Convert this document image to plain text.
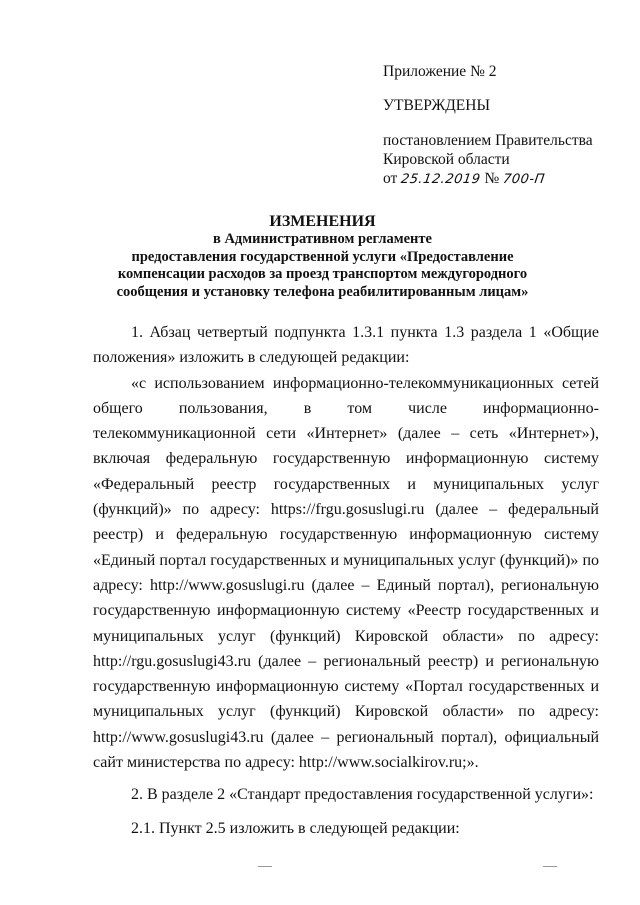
Приложение № 2
УТВЕРЖДЕНЫ
постановлением Правительства
Кировской области
от 25.12.2019 № 700-П
ИЗМЕНЕНИЯ
в Административном регламенте
предоставления государственной услуги «Предоставление
компенсации расходов за проезд транспортом междугородного
сообщения и установку телефона реабилитированным лицам»

1. Абзац четвертый подпункта 1.3.1 пункта 1.3 раздела 1 «Общие положения» изложить в следующей редакции:

«с использованием информационно-телекоммуникационных сетей общего пользования, в том числе информационно-телекоммуникационной сети «Интернет» (далее – сеть «Интернет»), включая федеральную государственную информационную систему «Федеральный реестр государственных и муниципальных услуг (функций)» по адресу: https://frgu.gosuslugi.ru (далее – федеральный реестр) и федеральную государственную информационную систему «Единый портал государственных и муниципальных услуг (функций)» по адресу: http://www.gosuslugi.ru (далее – Единый портал), региональную государственную информационную систему «Реестр государственных и муниципальных услуг (функций) Кировской области» по адресу: http://rgu.gosuslugi43.ru (далее – региональный реестр) и региональную государственную информационную систему «Портал государственных и муниципальных услуг (функций) Кировской области» по адресу: http://www.gosuslugi43.ru (далее – региональный портал), официальный сайт министерства по адресу: http://www.socialkirov.ru;».

2. В разделе 2 «Стандарт предоставления государственной услуги»:

2.1. Пункт 2.5 изложить в следующей редакции:
